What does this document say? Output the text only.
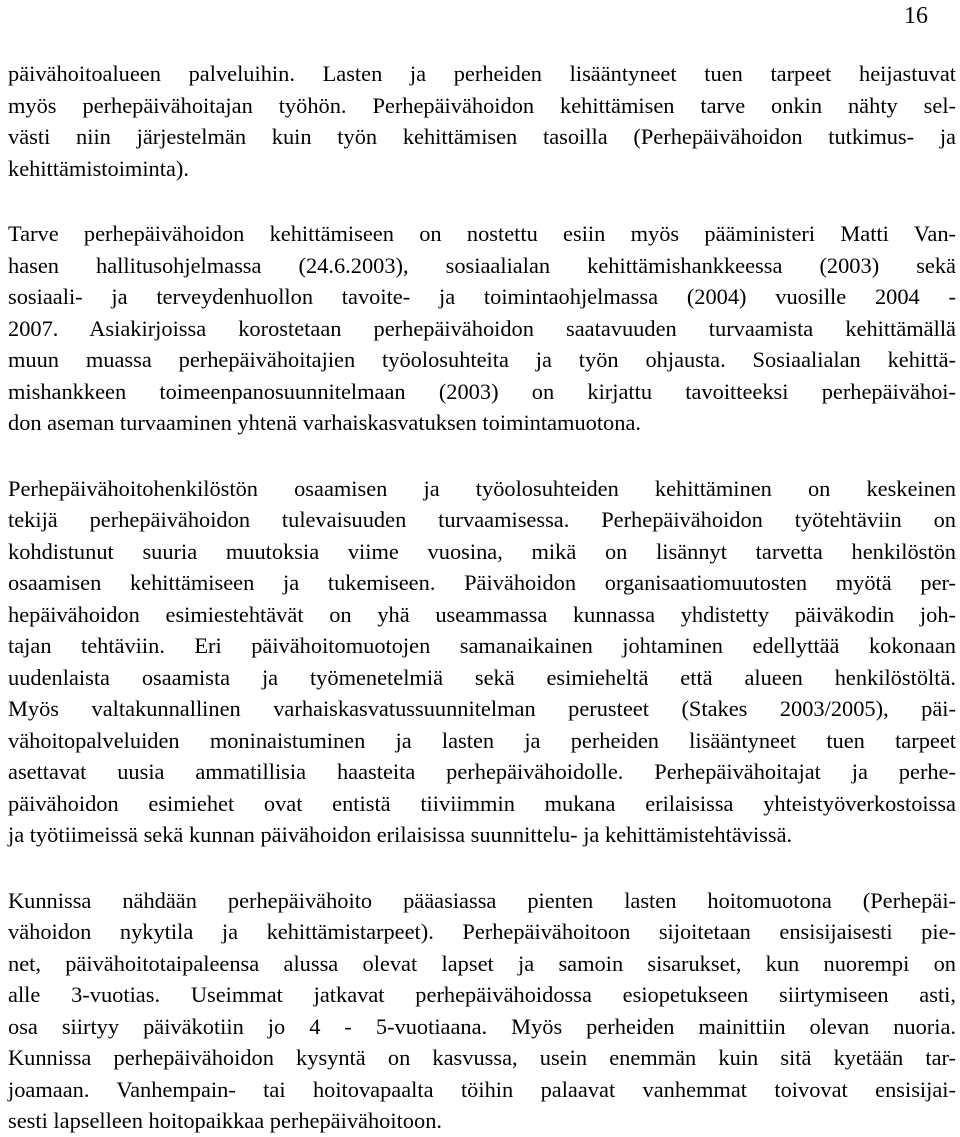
16
päivähoitoalueen palveluihin. Lasten ja perheiden lisääntyneet tuen tarpeet heijastuvat
myös perhepäivähoitajan työhön. Perhepäivähoidon kehittämisen tarve onkin nähty sel-
västi niin järjestelmän kuin työn kehittämisen tasoilla (Perhepäivähoidon tutkimus- ja
kehittämistoiminta).
Tarve perhepäivähoidon kehittämiseen on nostettu esiin myös pääministeri Matti Van-
hasen hallitusohjelmassa (24.6.2003), sosiaalialan kehittämishankkeessa (2003) sekä
sosiaali- ja terveydenhuollon tavoite- ja toimintaohjelmassa (2004) vuosille 2004 -
2007. Asiakirjoissa korostetaan perhepäivähoidon saatavuuden turvaamista kehittämällä
muun muassa perhepäivähoitajien työolosuhteita ja työn ohjausta. Sosiaalialan kehittä-
mishankkeen toimeenpanosuunnitelmaan (2003) on kirjattu tavoitteeksi perhepäivähoi-
don aseman turvaaminen yhtenä varhaiskasvatuksen toimintamuotona.
Perhepäivähoitohenkilöstön osaamisen ja työolosuhteiden kehittäminen on keskeinen
tekijä perhepäivähoidon tulevaisuuden turvaamisessa. Perhepäivähoidon työtehtäviin on
kohdistunut suuria muutoksia viime vuosina, mikä on lisännyt tarvetta henkilöstön
osaamisen kehittämiseen ja tukemiseen. Päivähoidon organisaatiomuutosten myötä per-
hepäivähoidon esimiestehtävät on yhä useammassa kunnassa yhdistetty päiväkodin joh-
tajan tehtäviin. Eri päivähoitomuotojen samanaikainen johtaminen edellyttää kokonaan
uudenlaista osaamista ja työmenetelmiä sekä esimieheltä että alueen henkilöstöltä.
Myös valtakunnallinen varhaiskasvatussuunnitelman perusteet (Stakes 2003/2005), päi-
vähoitopalveluiden moninaistuminen ja lasten ja perheiden lisääntyneet tuen tarpeet
asettavat uusia ammatillisia haasteita perhepäivähoidolle. Perhepäivähoitajat ja perhe-
päivähoidon esimiehet ovat entistä tiiviimmin mukana erilaisissa yhteistyöverkostoissa
ja työtiimeissä sekä kunnan päivähoidon erilaisissa suunnittelu- ja kehittämistehtävissä.
Kunnissa nähdään perhepäivähoito pääasiassa pienten lasten hoitomuotona (Perhepäi-
vähoidon nykytila ja kehittämistarpeet). Perhepäivähoitoon sijoitetaan ensisijaisesti pie-
net, päivähoitotaipaleensa alussa olevat lapset ja samoin sisarukset, kun nuorempi on
alle 3-vuotias. Useimmat jatkavat perhepäivähoidossa esiopetukseen siirtymiseen asti,
osa siirtyy päiväkotiin jo 4 - 5-vuotiaana. Myös perheiden mainittiin olevan nuoria.
Kunnissa perhepäivähoidon kysyntä on kasvussa, usein enemmän kuin sitä kyetään tar-
joamaan. Vanhempain- tai hoitovapaalta töihin palaavat vanhemmat toivovat ensisijai-
sesti lapselleen hoitopaikkaa perhepäivähoitoon.
